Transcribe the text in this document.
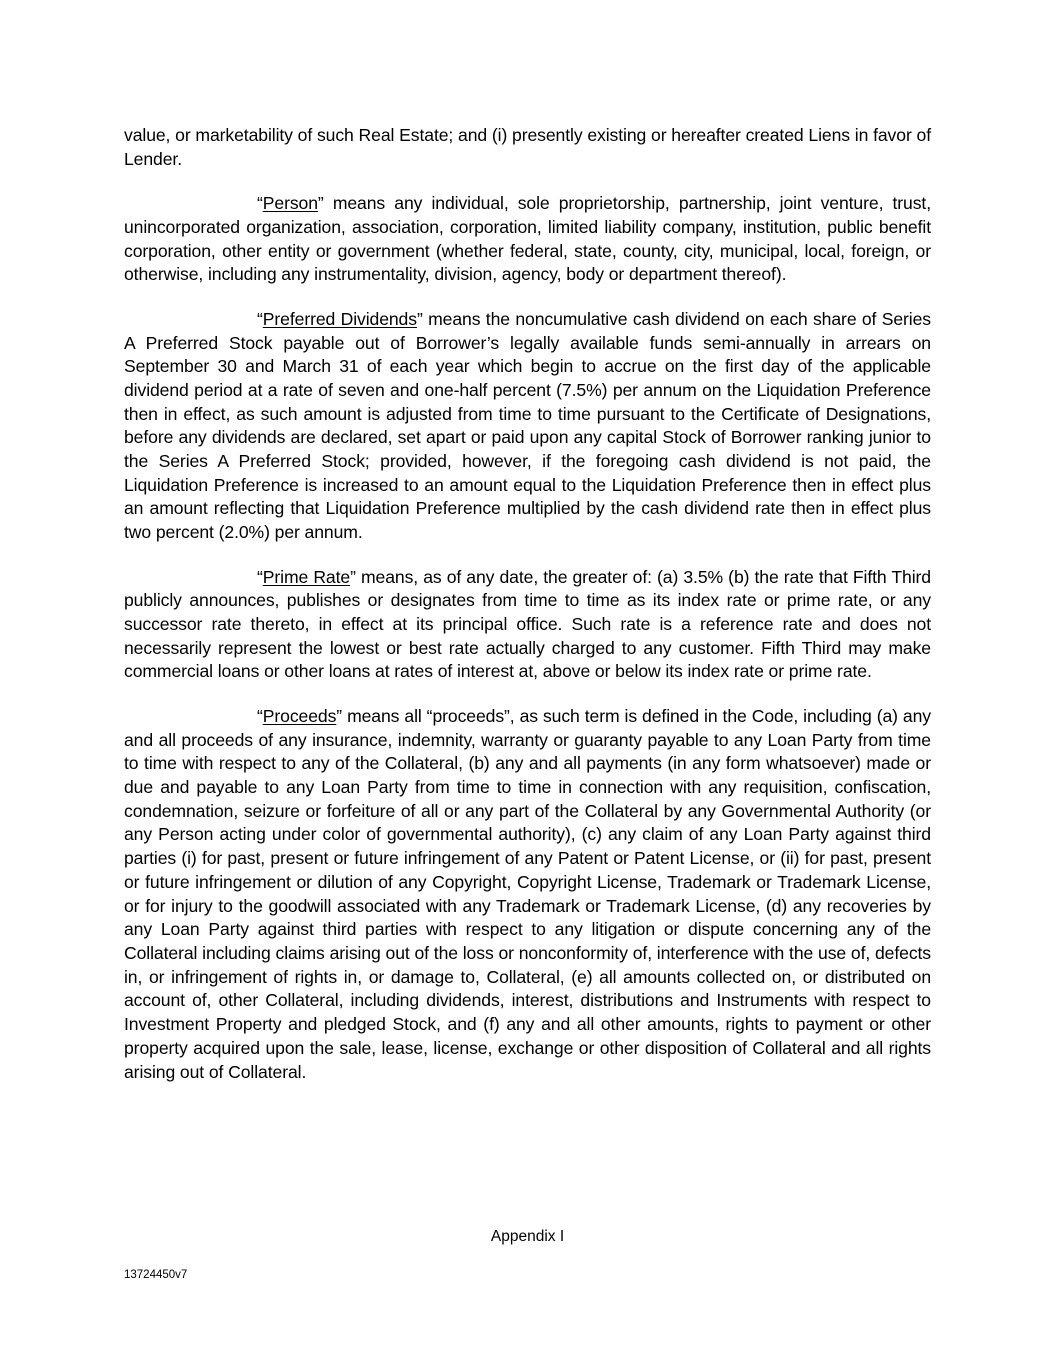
value, or marketability of such Real Estate; and (i) presently existing or hereafter created Liens in favor of Lender.

“Person” means any individual, sole proprietorship, partnership, joint venture, trust, unincorporated organization, association, corporation, limited liability company, institution, public benefit corporation, other entity or government (whether federal, state, county, city, municipal, local, foreign, or otherwise, including any instrumentality, division, agency, body or department thereof).

“Preferred Dividends” means the noncumulative cash dividend on each share of Series A Preferred Stock payable out of Borrower’s legally available funds semi-annually in arrears on September 30 and March 31 of each year which begin to accrue on the first day of the applicable dividend period at a rate of seven and one-half percent (7.5%) per annum on the Liquidation Preference then in effect, as such amount is adjusted from time to time pursuant to the Certificate of Designations, before any dividends are declared, set apart or paid upon any capital Stock of Borrower ranking junior to the Series A Preferred Stock; provided, however, if the foregoing cash dividend is not paid, the Liquidation Preference is increased to an amount equal to the Liquidation Preference then in effect plus an amount reflecting that Liquidation Preference multiplied by the cash dividend rate then in effect plus two percent (2.0%) per annum.

“Prime Rate” means, as of any date, the greater of: (a) 3.5% (b) the rate that Fifth Third publicly announces, publishes or designates from time to time as its index rate or prime rate, or any successor rate thereto, in effect at its principal office. Such rate is a reference rate and does not necessarily represent the lowest or best rate actually charged to any customer. Fifth Third may make commercial loans or other loans at rates of interest at, above or below its index rate or prime rate.

“Proceeds” means all “proceeds”, as such term is defined in the Code, including (a) any and all proceeds of any insurance, indemnity, warranty or guaranty payable to any Loan Party from time to time with respect to any of the Collateral, (b) any and all payments (in any form whatsoever) made or due and payable to any Loan Party from time to time in connection with any requisition, confiscation, condemnation, seizure or forfeiture of all or any part of the Collateral by any Governmental Authority (or any Person acting under color of governmental authority), (c) any claim of any Loan Party against third parties (i) for past, present or future infringement of any Patent or Patent License, or (ii) for past, present or future infringement or dilution of any Copyright, Copyright License, Trademark or Trademark License, or for injury to the goodwill associated with any Trademark or Trademark License, (d) any recoveries by any Loan Party against third parties with respect to any litigation or dispute concerning any of the Collateral including claims arising out of the loss or nonconformity of, interference with the use of, defects in, or infringement of rights in, or damage to, Collateral, (e) all amounts collected on, or distributed on account of, other Collateral, including dividends, interest, distributions and Instruments with respect to Investment Property and pledged Stock, and (f) any and all other amounts, rights to payment or other property acquired upon the sale, lease, license, exchange or other disposition of Collateral and all rights arising out of Collateral.

Appendix I
13724450v7
